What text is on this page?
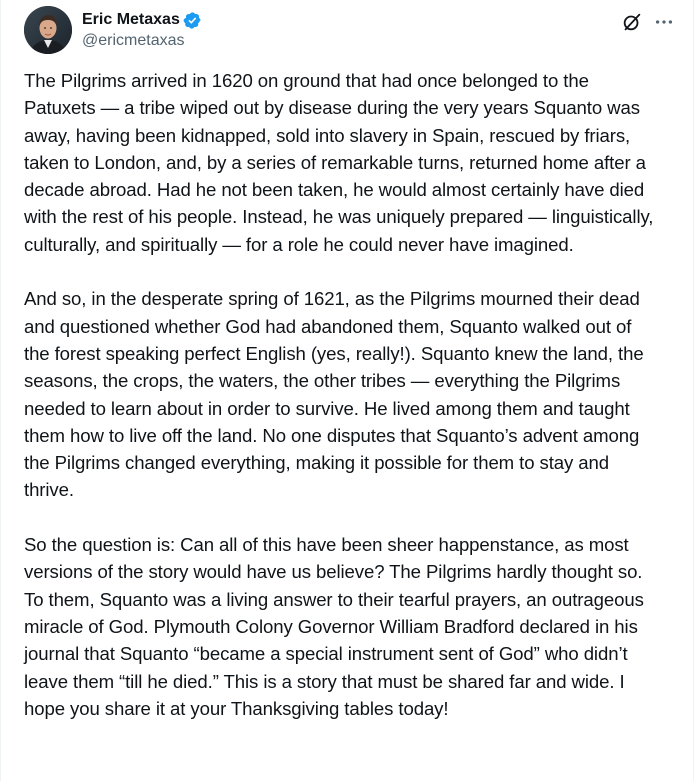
Eric Metaxas
@ericmetaxas

The Pilgrims arrived in 1620 on ground that had once belonged to the Patuxets — a tribe wiped out by disease during the very years Squanto was away, having been kidnapped, sold into slavery in Spain, rescued by friars, taken to London, and, by a series of remarkable turns, returned home after a decade abroad. Had he not been taken, he would almost certainly have died with the rest of his people. Instead, he was uniquely prepared — linguistically, culturally, and spiritually — for a role he could never have imagined.

And so, in the desperate spring of 1621, as the Pilgrims mourned their dead and questioned whether God had abandoned them, Squanto walked out of the forest speaking perfect English (yes, really!). Squanto knew the land, the seasons, the crops, the waters, the other tribes — everything the Pilgrims needed to learn about in order to survive. He lived among them and taught them how to live off the land. No one disputes that Squanto’s advent among the Pilgrims changed everything, making it possible for them to stay and thrive.

So the question is: Can all of this have been sheer happenstance, as most versions of the story would have us believe? The Pilgrims hardly thought so. To them, Squanto was a living answer to their tearful prayers, an outrageous miracle of God. Plymouth Colony Governor William Bradford declared in his journal that Squanto “became a special instrument sent of God” who didn’t leave them “till he died.” This is a story that must be shared far and wide. I hope you share it at your Thanksgiving tables today!
